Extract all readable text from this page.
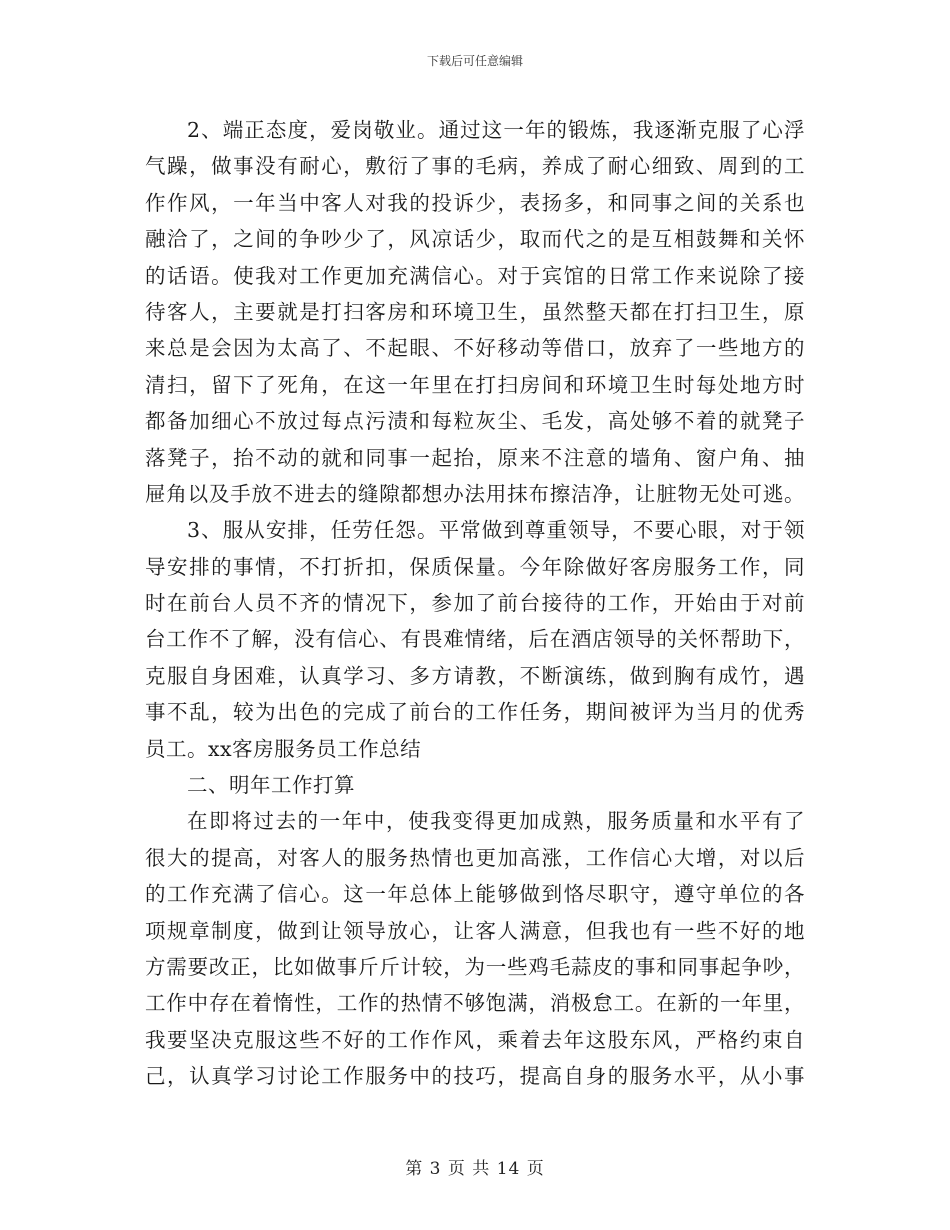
下载后可任意编辑
2、端正态度，爱岗敬业。通过这一年的锻炼，我逐渐克服了心浮
气躁，做事没有耐心，敷衍了事的毛病，养成了耐心细致、周到的工
作作风，一年当中客人对我的投诉少，表扬多，和同事之间的关系也
融洽了，之间的争吵少了，风凉话少，取而代之的是互相鼓舞和关怀
的话语。使我对工作更加充满信心。对于宾馆的日常工作来说除了接
待客人，主要就是打扫客房和环境卫生，虽然整天都在打扫卫生，原
来总是会因为太高了、不起眼、不好移动等借口，放弃了一些地方的
清扫，留下了死角，在这一年里在打扫房间和环境卫生时每处地方时
都备加细心不放过每点污渍和每粒灰尘、毛发，高处够不着的就凳子
落凳子，抬不动的就和同事一起抬，原来不注意的墙角、窗户角、抽
屉角以及手放不进去的缝隙都想办法用抹布擦洁净，让脏物无处可逃。
3、服从安排，任劳任怨。平常做到尊重领导，不要心眼，对于领
导安排的事情，不打折扣，保质保量。今年除做好客房服务工作，同
时在前台人员不齐的情况下，参加了前台接待的工作，开始由于对前
台工作不了解，没有信心、有畏难情绪，后在酒店领导的关怀帮助下，
克服自身困难，认真学习、多方请教，不断演练，做到胸有成竹，遇
事不乱，较为出色的完成了前台的工作任务，期间被评为当月的优秀
员工。xx客房服务员工作总结
二、明年工作打算
在即将过去的一年中，使我变得更加成熟，服务质量和水平有了
很大的提高，对客人的服务热情也更加高涨，工作信心大增，对以后
的工作充满了信心。这一年总体上能够做到恪尽职守，遵守单位的各
项规章制度，做到让领导放心，让客人满意，但我也有一些不好的地
方需要改正，比如做事斤斤计较，为一些鸡毛蒜皮的事和同事起争吵，
工作中存在着惰性，工作的热情不够饱满，消极怠工。在新的一年里，
我要坚决克服这些不好的工作作风，乘着去年这股东风，严格约束自
己，认真学习讨论工作服务中的技巧，提高自身的服务水平，从小事
第 3 页 共 14 页
